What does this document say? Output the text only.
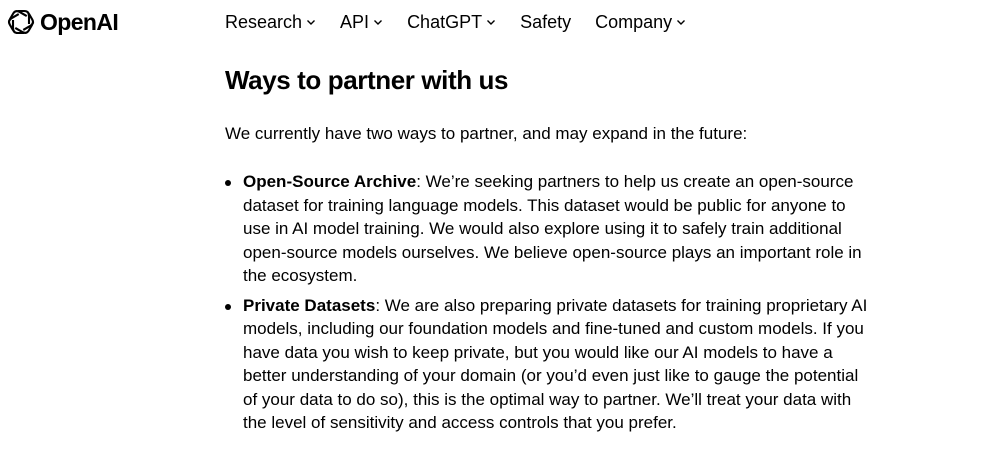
OpenAI	Research API ChatGPT Safety Company
Ways to partner with us

We currently have two ways to partner, and may expand in the future:

Open-Source Archive: We’re seeking partners to help us create an open-source dataset for training language models. This dataset would be public for anyone to use in AI model training. We would also explore using it to safely train additional open-source models ourselves. We believe open-source plays an important role in the ecosystem.
Private Datasets: We are also preparing private datasets for training proprietary AI models, including our foundation models and fine-tuned and custom models. If you have data you wish to keep private, but you would like our AI models to have a better understanding of your domain (or you’d even just like to gauge the potential of your data to do so), this is the optimal way to partner. We’ll treat your data with the level of sensitivity and access controls that you prefer.
